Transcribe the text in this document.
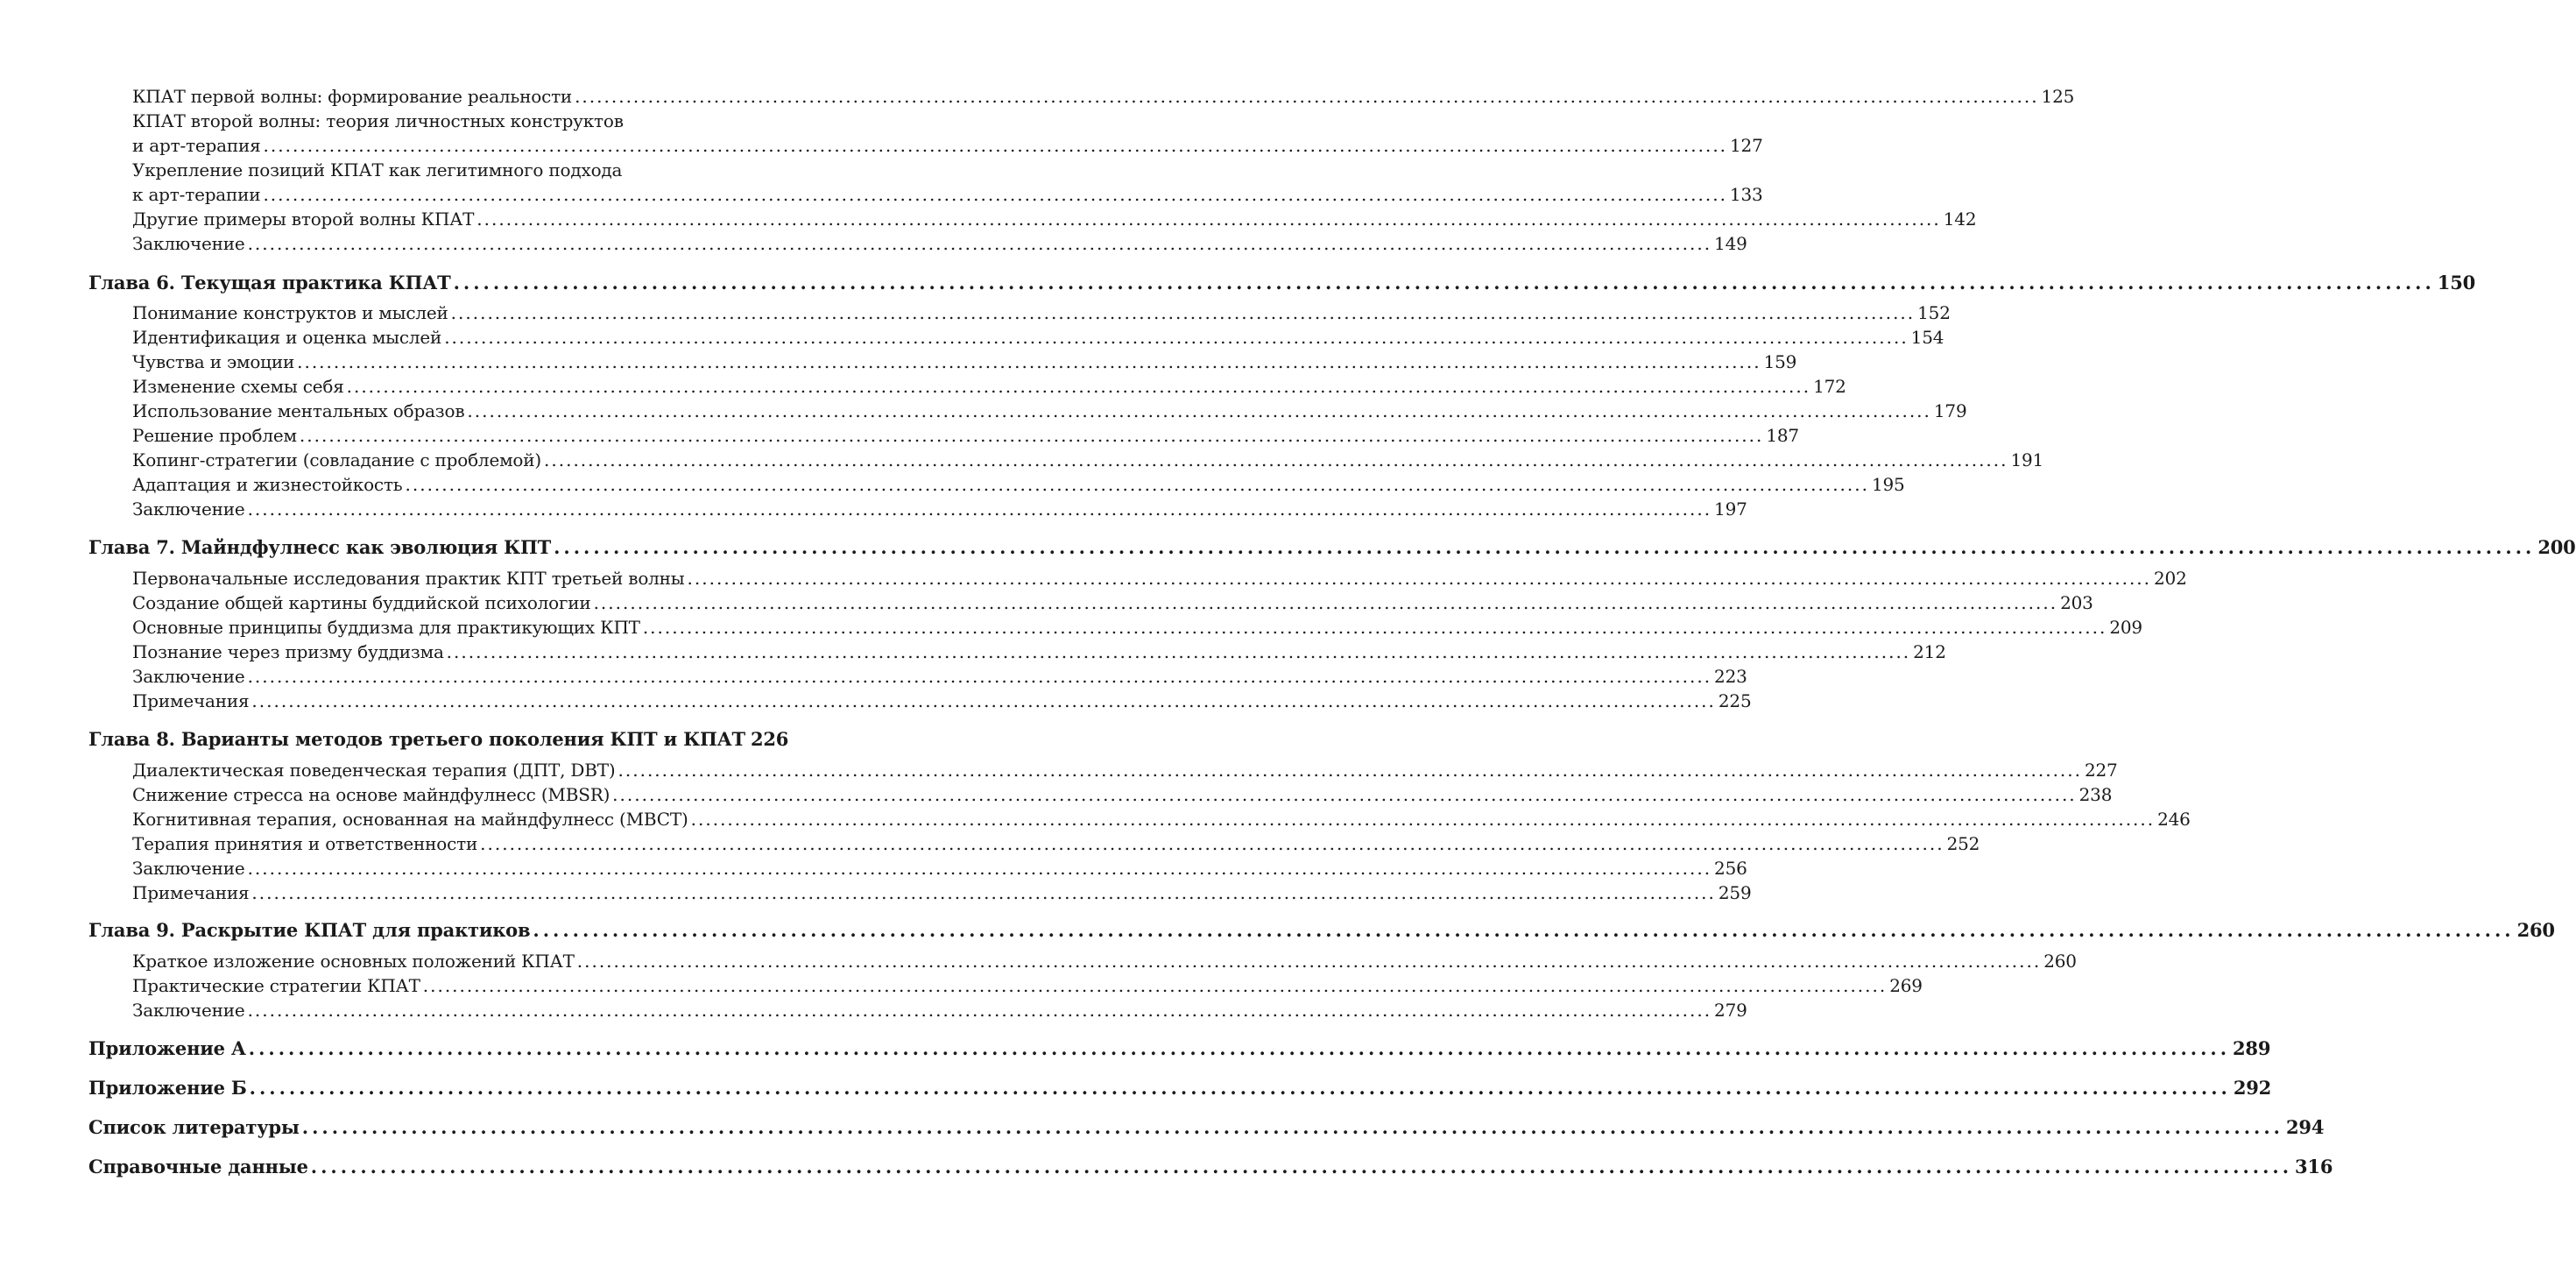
КПАТ первой волны: формирование реальности ........................................................................................................................................................................................................ 125
КПАТ второй волны: теория личностных конструктов
и арт-терапия ........................................................................................................................................................................................................ 127
Укрепление позиций КПАТ как легитимного подхода
к арт-терапии ........................................................................................................................................................................................................ 133
Другие примеры второй волны КПАТ ........................................................................................................................................................................................................ 142
Заключение ........................................................................................................................................................................................................ 149
Глава 6. Текущая практика КПАТ ........................................................................................................................................................................................................ 150
Понимание конструктов и мыслей ........................................................................................................................................................................................................ 152
Идентификация и оценка мыслей ........................................................................................................................................................................................................ 154
Чувства и эмоции ........................................................................................................................................................................................................ 159
Изменение схемы себя ........................................................................................................................................................................................................ 172
Использование ментальных образов ........................................................................................................................................................................................................ 179
Решение проблем ........................................................................................................................................................................................................ 187
Копинг-стратегии (совладание с проблемой) ........................................................................................................................................................................................................ 191
Адаптация и жизнестойкость ........................................................................................................................................................................................................ 195
Заключение ........................................................................................................................................................................................................ 197
Глава 7. Майндфулнесс как эволюция КПТ ........................................................................................................................................................................................................ 200
Первоначальные исследования практик КПТ третьей волны ........................................................................................................................................................................................................ 202
Создание общей картины буддийской психологии ........................................................................................................................................................................................................ 203
Основные принципы буддизма для практикующих КПТ ........................................................................................................................................................................................................ 209
Познание через призму буддизма ........................................................................................................................................................................................................ 212
Заключение ........................................................................................................................................................................................................ 223
Примечания ........................................................................................................................................................................................................ 225
Глава 8. Варианты методов третьего поколения КПТ и КПАТ 226
Диалектическая поведенческая терапия (ДПТ, DBT) ........................................................................................................................................................................................................ 227
Снижение стресса на основе майндфулнесс (MBSR) ........................................................................................................................................................................................................ 238
Когнитивная терапия, основанная на майндфулнесс (MBCT) ........................................................................................................................................................................................................ 246
Терапия принятия и ответственности ........................................................................................................................................................................................................ 252
Заключение ........................................................................................................................................................................................................ 256
Примечания ........................................................................................................................................................................................................ 259
Глава 9. Раскрытие КПАТ для практиков ........................................................................................................................................................................................................ 260
Краткое изложение основных положений КПАТ ........................................................................................................................................................................................................ 260
Практические стратегии КПАТ ........................................................................................................................................................................................................ 269
Заключение ........................................................................................................................................................................................................ 279
Приложение А ........................................................................................................................................................................................................ 289
Приложение Б ........................................................................................................................................................................................................ 292
Список литературы ........................................................................................................................................................................................................ 294
Справочные данные ........................................................................................................................................................................................................ 316
